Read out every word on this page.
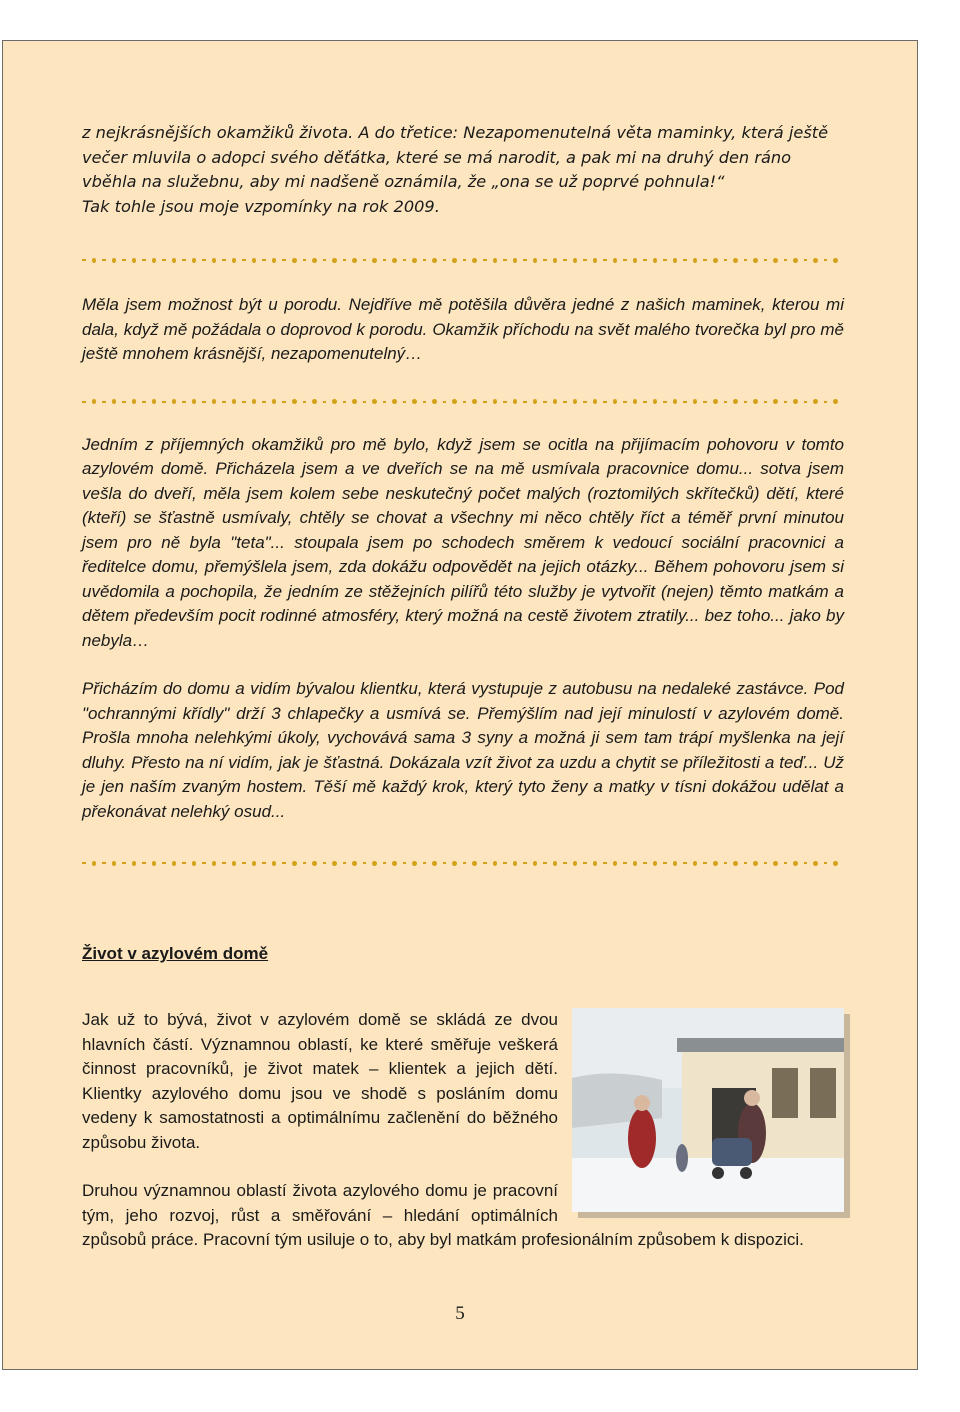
z nejkrásnějších okamžiků života. A do třetice: Nezapomenutelná věta maminky, která ještě večer mluvila o adopci svého děťátka, které se má narodit, a pak mi na druhý den ráno vběhla na služebnu, aby mi nadšeně oznámila, že „ona se už poprvé pohnula!“

Tak tohle jsou moje vzpomínky na rok 2009.

Měla jsem možnost být u porodu. Nejdříve mě potěšila důvěra jedné z našich maminek, kterou mi dala, když mě požádala o doprovod k porodu. Okamžik příchodu na svět malého tvorečka byl pro mě ještě mnohem krásnější, nezapomenutelný…

Jedním z příjemných okamžiků pro mě bylo, když jsem se ocitla na přijímacím pohovoru v tomto azylovém domě. Přicházela jsem a ve dveřích se na mě usmívala pracovnice domu... sotva jsem vešla do dveří, měla jsem kolem sebe neskutečný počet malých (roztomilých skřítečků) dětí, které (kteří) se šťastně usmívaly, chtěly se chovat a všechny mi něco chtěly říct a téměř první minutou jsem pro ně byla "teta"... stoupala jsem po schodech směrem k vedoucí sociální pracovnici a ředitelce domu, přemýšlela jsem, zda dokážu odpovědět na jejich otázky... Během pohovoru jsem si uvědomila a pochopila, že jedním ze stěžejních pilířů této služby je vytvořit (nejen) těmto matkám a dětem především pocit rodinné atmosféry, který možná na cestě životem ztratily... bez toho... jako by nebyla…

Přicházím do domu a vidím bývalou klientku, která vystupuje z autobusu na nedaleké zastávce. Pod "ochrannými křídly" drží 3 chlapečky a usmívá se. Přemýšlím nad její minulostí v azylovém domě. Prošla mnoha nelehkými úkoly, vychovává sama 3 syny a možná ji sem tam trápí myšlenka na její dluhy. Přesto na ní vidím, jak je šťastná. Dokázala vzít život za uzdu a chytit se příležitosti a teď... Už je jen naším zvaným hostem. Těší mě každý krok, který tyto ženy a matky v tísni dokážou udělat a překonávat nelehký osud...

Život v azylovém domě

Jak už to bývá, život v azylovém domě se skládá ze dvou hlavních částí. Významnou oblastí, ke které směřuje veškerá činnost pracovníků, je život matek – klientek a jejich dětí. Klientky azylového domu jsou ve shodě s posláním domu vedeny k samostatnosti a optimálnímu začlenění do běžného způsobu života.

Druhou významnou oblastí života azylového domu je pracovní tým, jeho rozvoj, růst a směřování – hledání optimálních způsobů práce. Pracovní tým usiluje o to, aby byl matkám profesionálním způsobem k dispozici.

5
